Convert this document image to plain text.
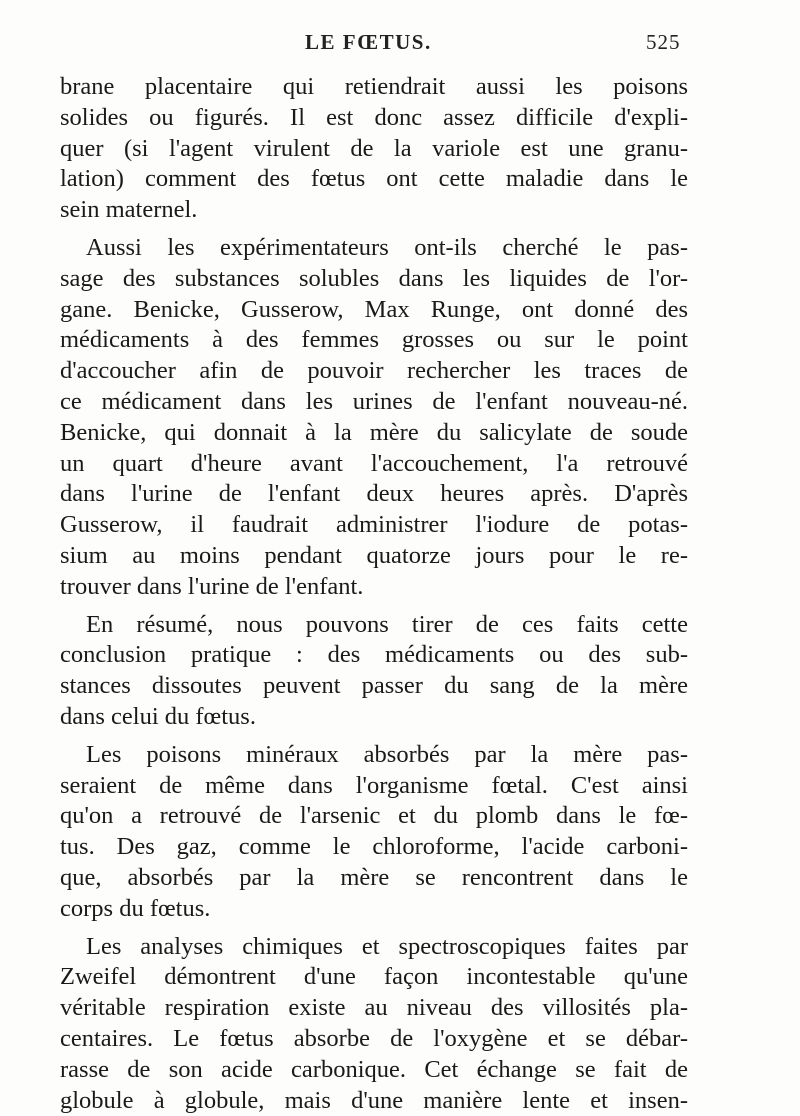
LE FŒTUS.	525
brane placentaire qui retiendrait aussi les poisons
solides ou figurés. Il est donc assez difficile d'expli-
quer (si l'agent virulent de la variole est une granu-
lation) comment des fœtus ont cette maladie dans le
sein maternel.
Aussi les expérimentateurs ont-ils cherché le pas-
sage des substances solubles dans les liquides de l'or-
gane. Benicke, Gusserow, Max Runge, ont donné des
médicaments à des femmes grosses ou sur le point
d'accoucher afin de pouvoir rechercher les traces de
ce médicament dans les urines de l'enfant nouveau-né.
Benicke, qui donnait à la mère du salicylate de soude
un quart d'heure avant l'accouchement, l'a retrouvé
dans l'urine de l'enfant deux heures après. D'après
Gusserow, il faudrait administrer l'iodure de potas-
sium au moins pendant quatorze jours pour le re-
trouver dans l'urine de l'enfant.
En résumé, nous pouvons tirer de ces faits cette
conclusion pratique : des médicaments ou des sub-
stances dissoutes peuvent passer du sang de la mère
dans celui du fœtus.
Les poisons minéraux absorbés par la mère pas-
seraient de même dans l'organisme fœtal. C'est ainsi
qu'on a retrouvé de l'arsenic et du plomb dans le fœ-
tus. Des gaz, comme le chloroforme, l'acide carboni-
que, absorbés par la mère se rencontrent dans le
corps du fœtus.
Les analyses chimiques et spectroscopiques faites par
Zweifel démontrent d'une façon incontestable qu'une
véritable respiration existe au niveau des villosités pla-
centaires. Le fœtus absorbe de l'oxygène et se débar-
rasse de son acide carbonique. Cet échange se fait de
globule à globule, mais d'une manière lente et insen-
